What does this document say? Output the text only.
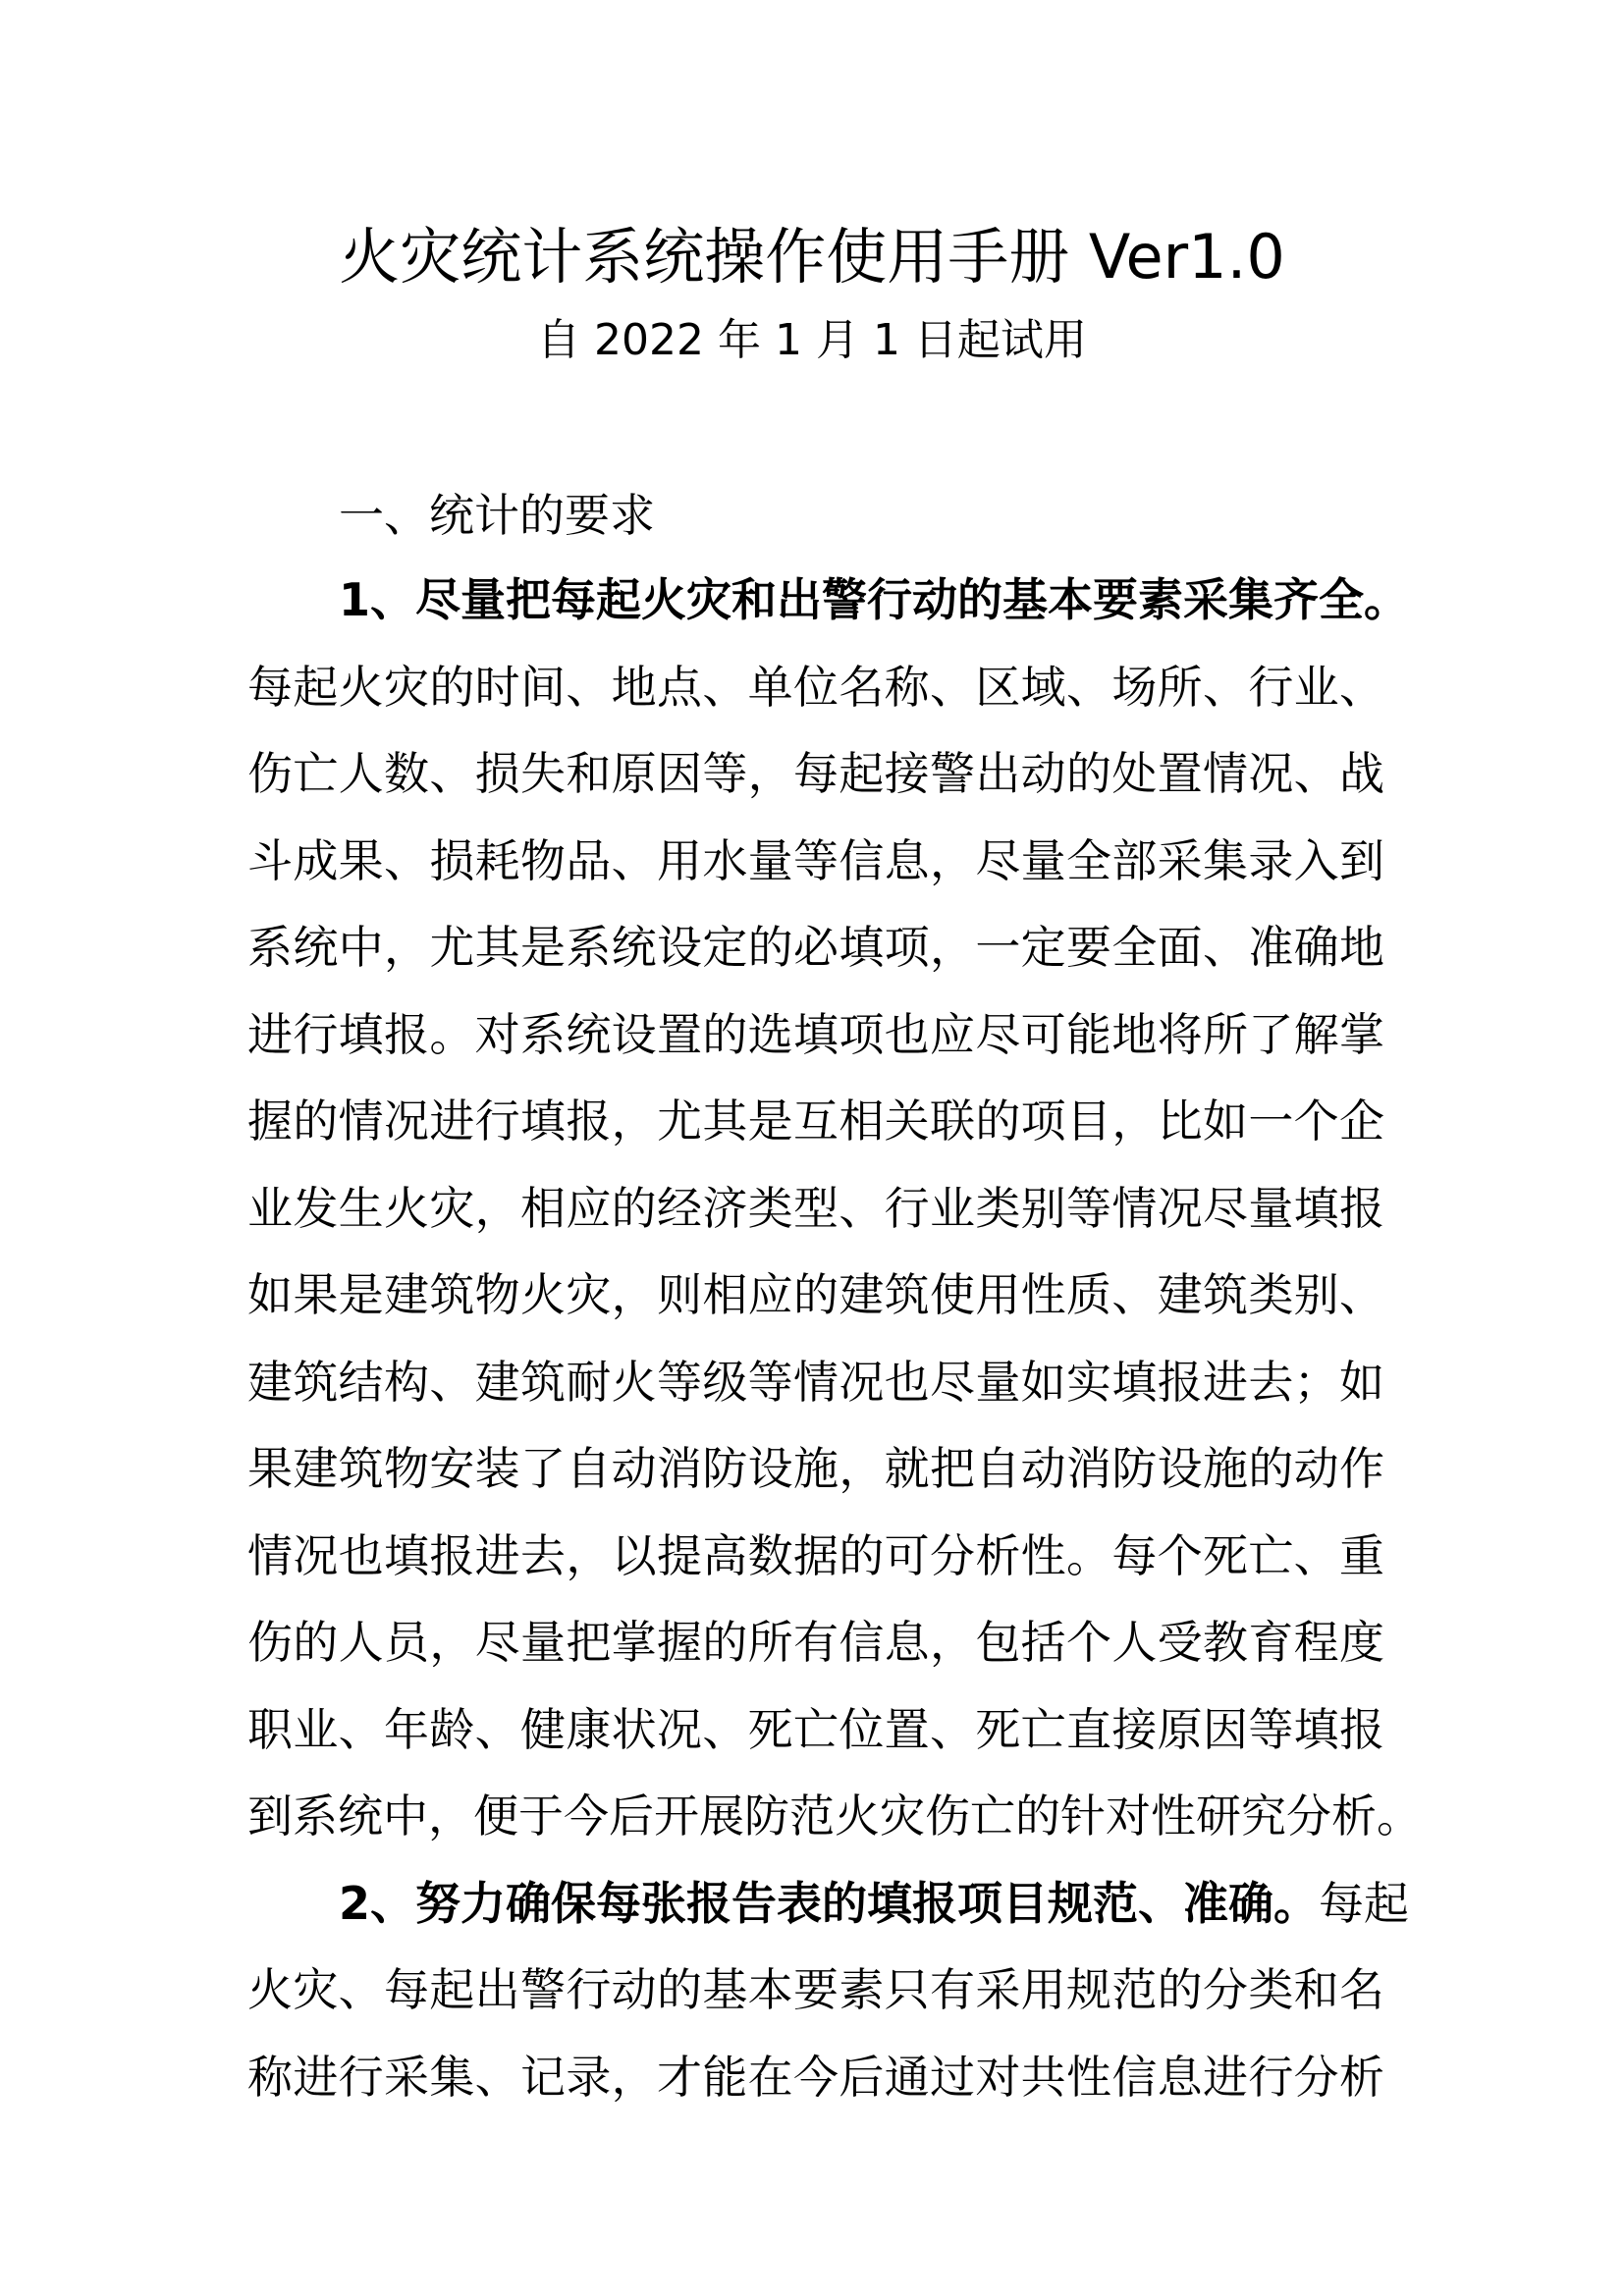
火灾统计系统操作使用手册 Ver1.0
自 2022 年 1 月 1 日起试用
一、统计的要求
1、尽量把每起火灾和出警行动的基本要素采集齐全。
每起火灾的时间、地点、单位名称、区域、场所、行业、
伤亡人数、损失和原因等，每起接警出动的处置情况、战
斗成果、损耗物品、用水量等信息，尽量全部采集录入到
系统中，尤其是系统设定的必填项，一定要全面、准确地
进行填报。对系统设置的选填项也应尽可能地将所了解掌
握的情况进行填报，尤其是互相关联的项目，比如一个企
业发生火灾，相应的经济类型、行业类别等情况尽量填报
如果是建筑物火灾，则相应的建筑使用性质、建筑类别、
建筑结构、建筑耐火等级等情况也尽量如实填报进去；如
果建筑物安装了自动消防设施，就把自动消防设施的动作
情况也填报进去，以提高数据的可分析性。每个死亡、重
伤的人员，尽量把掌握的所有信息，包括个人受教育程度
职业、年龄、健康状况、死亡位置、死亡直接原因等填报
到系统中，便于今后开展防范火灾伤亡的针对性研究分析。
2、努力确保每张报告表的填报项目规范、准确。每起
火灾、每起出警行动的基本要素只有采用规范的分类和名
称进行采集、记录，才能在今后通过对共性信息进行分析
